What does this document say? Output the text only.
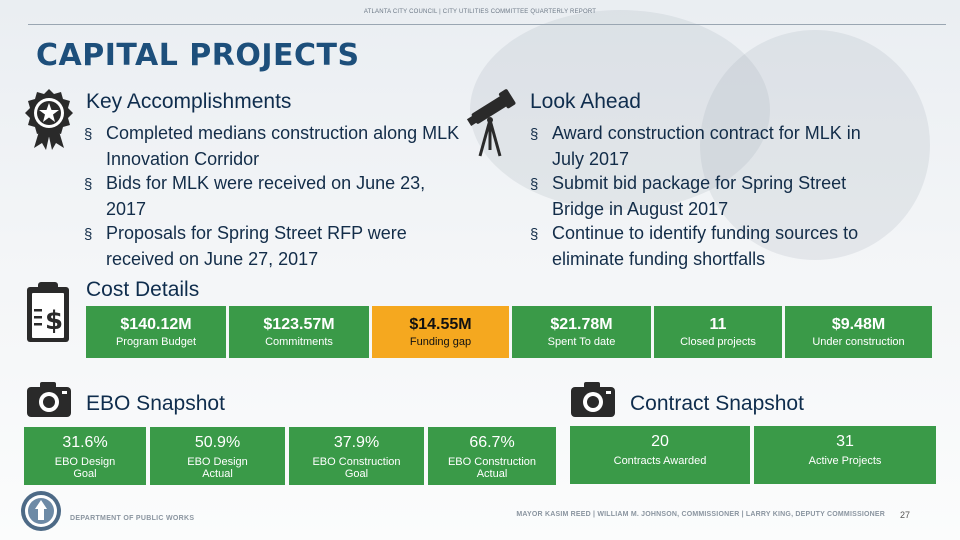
ATLANTA CITY COUNCIL | CITY UTILITIES COMMITTEE QUARTERLY REPORT
CAPITAL PROJECTS
Key Accomplishments
§ Completed medians construction along MLK Innovation Corridor
§ Bids for MLK were received on June 23, 2017
§ Proposals for Spring Street RFP were received on June 27, 2017
Look Ahead
§ Award construction contract for MLK in July 2017
§ Submit bid package for Spring Street Bridge in August 2017
§ Continue to identify funding sources to eliminate funding shortfalls
$
Cost Details
$140.12M
Program Budget
$123.57M
Commitments
$14.55M
Funding gap
$21.78M
Spent To date
11
Closed projects
$9.48M
Under construction
EBO Snapshot
31.6%
EBO Design
Goal
50.9%
EBO Design
Actual
37.9%
EBO Construction
Goal
66.7%
EBO Construction
Actual
Contract Snapshot
20
Contracts Awarded
31
Active Projects
DEPARTMENT OF PUBLIC WORKS
MAYOR KASIM REED | WILLIAM M. JOHNSON, COMMISSIONER | LARRY KING, DEPUTY COMMISSIONER 27
